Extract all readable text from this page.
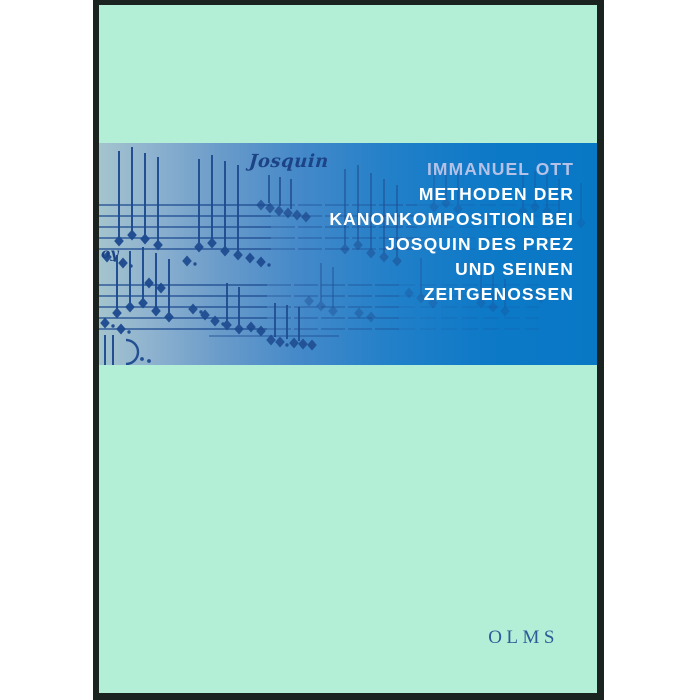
Josquin
oy
IMMANUEL OTT
METHODEN DER
KANONKOMPOSITION BEI
JOSQUIN DES PREZ
UND SEINEN
ZEITGENOSSEN
OLMS
